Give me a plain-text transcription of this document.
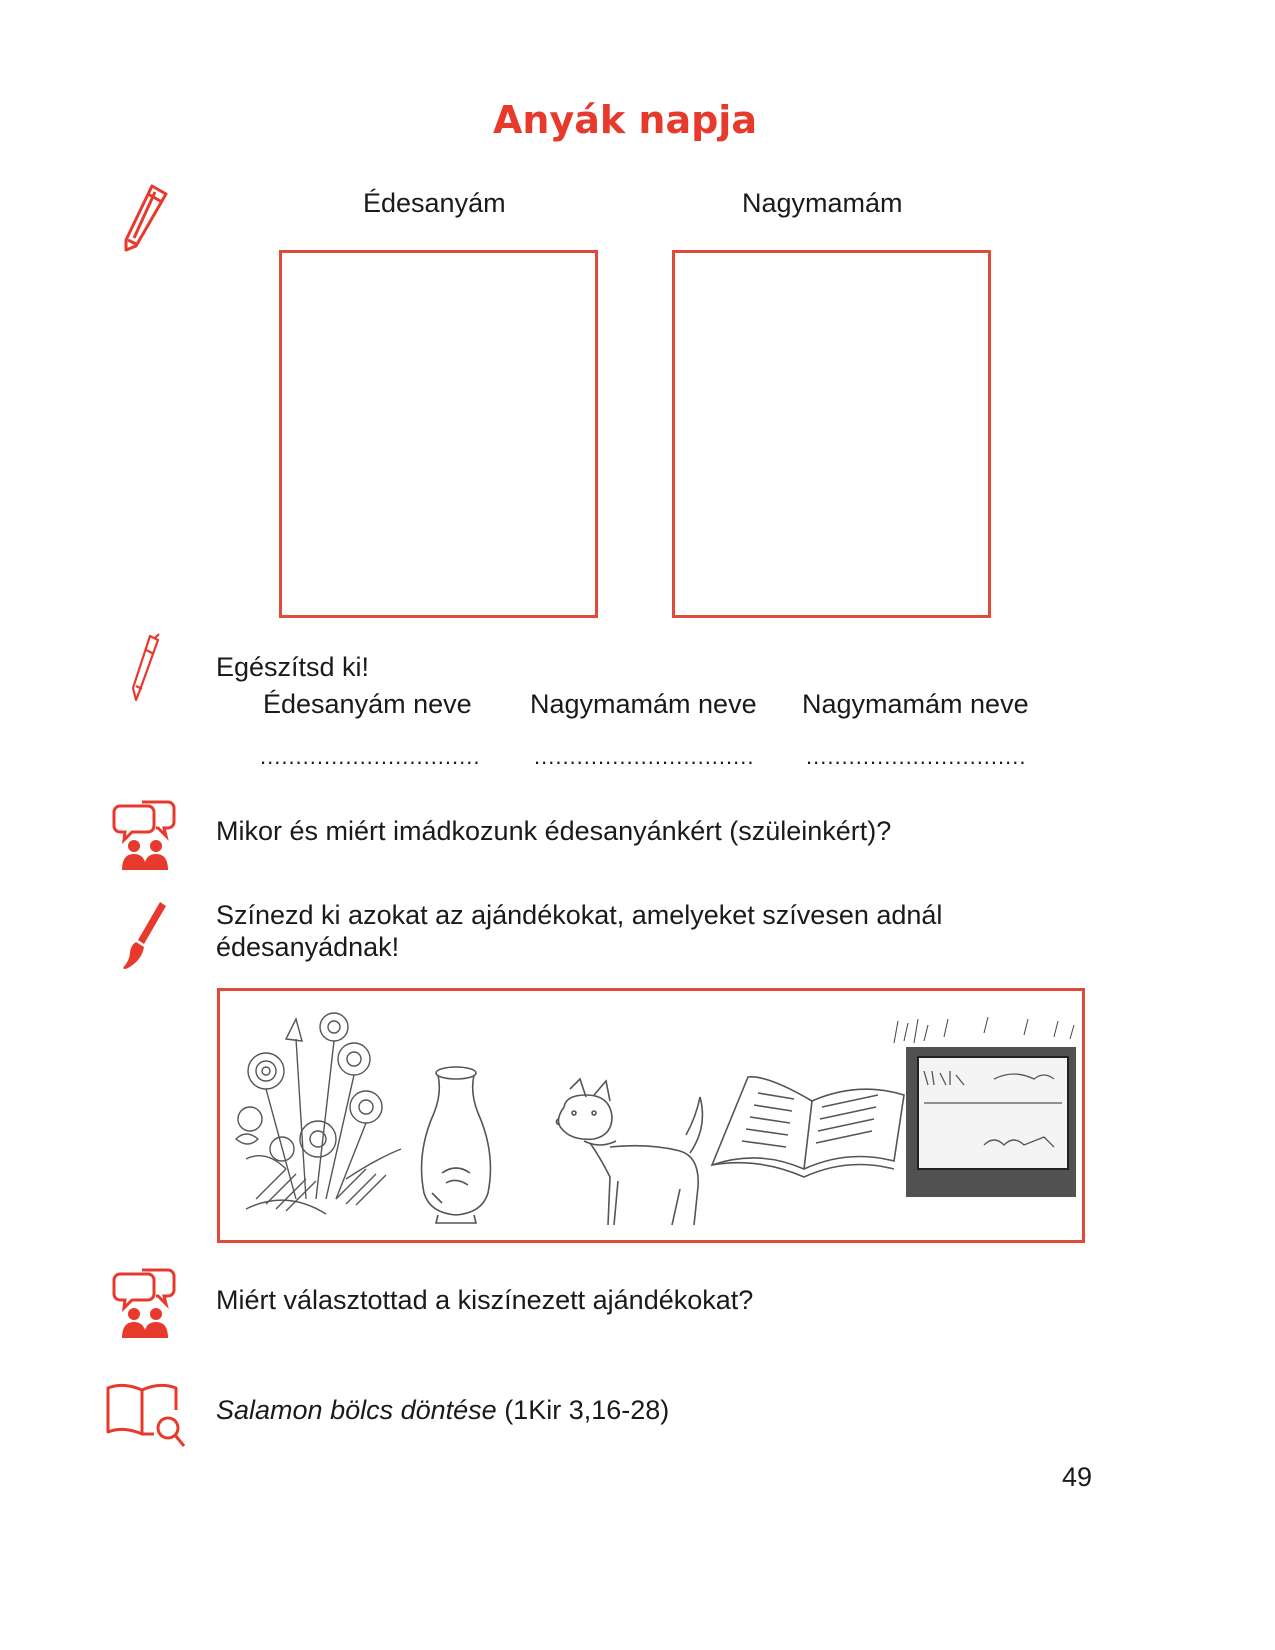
Anyák napja
Édesanyám	Nagymamám
Egészítsd ki!
Édesanyám neve Nagymamám neve Nagymamám neve
............................... ............................... ...............................
Mikor és miért imádkozunk édesanyánkért (szüleinkért)?
Színezd ki azokat az ajándékokat, amelyeket szívesen adnál
édesanyádnak!
Miért választottad a kiszínezett ajándékokat?
Salamon bölcs döntése (1Kir 3,16-28)
49
